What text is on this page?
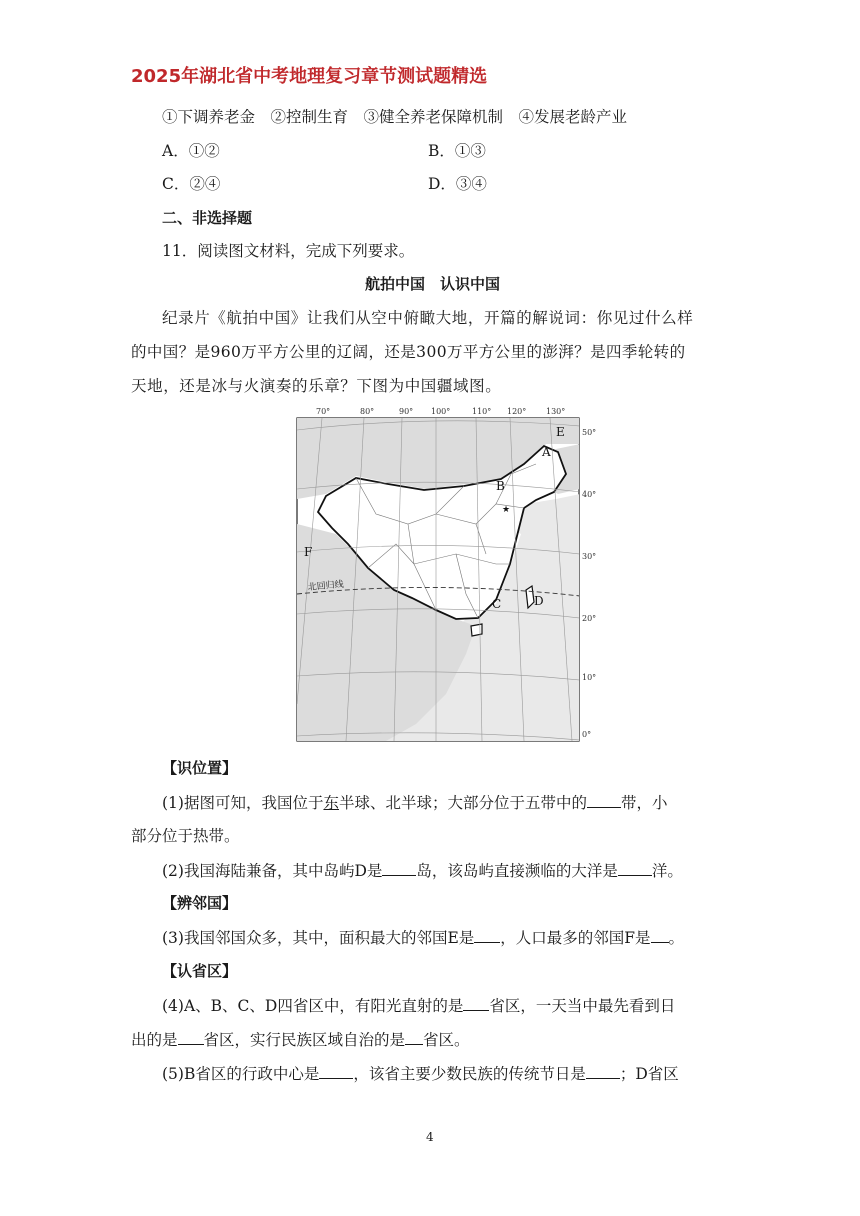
2025年湖北省中考地理复习章节测试题精选
①下调养老金　②控制生育　③健全养老保障机制　④发展老龄产业
A．①②	B．①③
C．②④	D．③④
二、非选择题
11．阅读图文材料，完成下列要求。
航拍中国　认识中国
纪录片《航拍中国》让我们从空中俯瞰大地，开篇的解说词：你见过什么样
的中国？是960万平方公里的辽阔，还是300万平方公里的澎湃？是四季轮转的
天地，还是冰与火演奏的乐章？下图为中国疆域图。
70°	80°	90° 100°	110° 120° 130°
50°
40°
30°
20°
10°
0°
北回归线
★
A
B
C	D
E
F
【识位置】
(1)据图可知，我国位于东半球、北半球；大部分位于五带中的 带，小
部分位于热带。
(2)我国海陆兼备，其中岛屿D是 岛，该岛屿直接濒临的大洋是 洋。
【辨邻国】
(3)我国邻国众多，其中，面积最大的邻国E是 ，人口最多的邻国F是 。
【认省区】
(4)A、B、C、D四省区中，有阳光直射的是 省区，一天当中最先看到日
出的是 省区，实行民族区域自治的是 省区。
(5)B省区的行政中心是 ，该省主要少数民族的传统节日是 ；D省区
4
